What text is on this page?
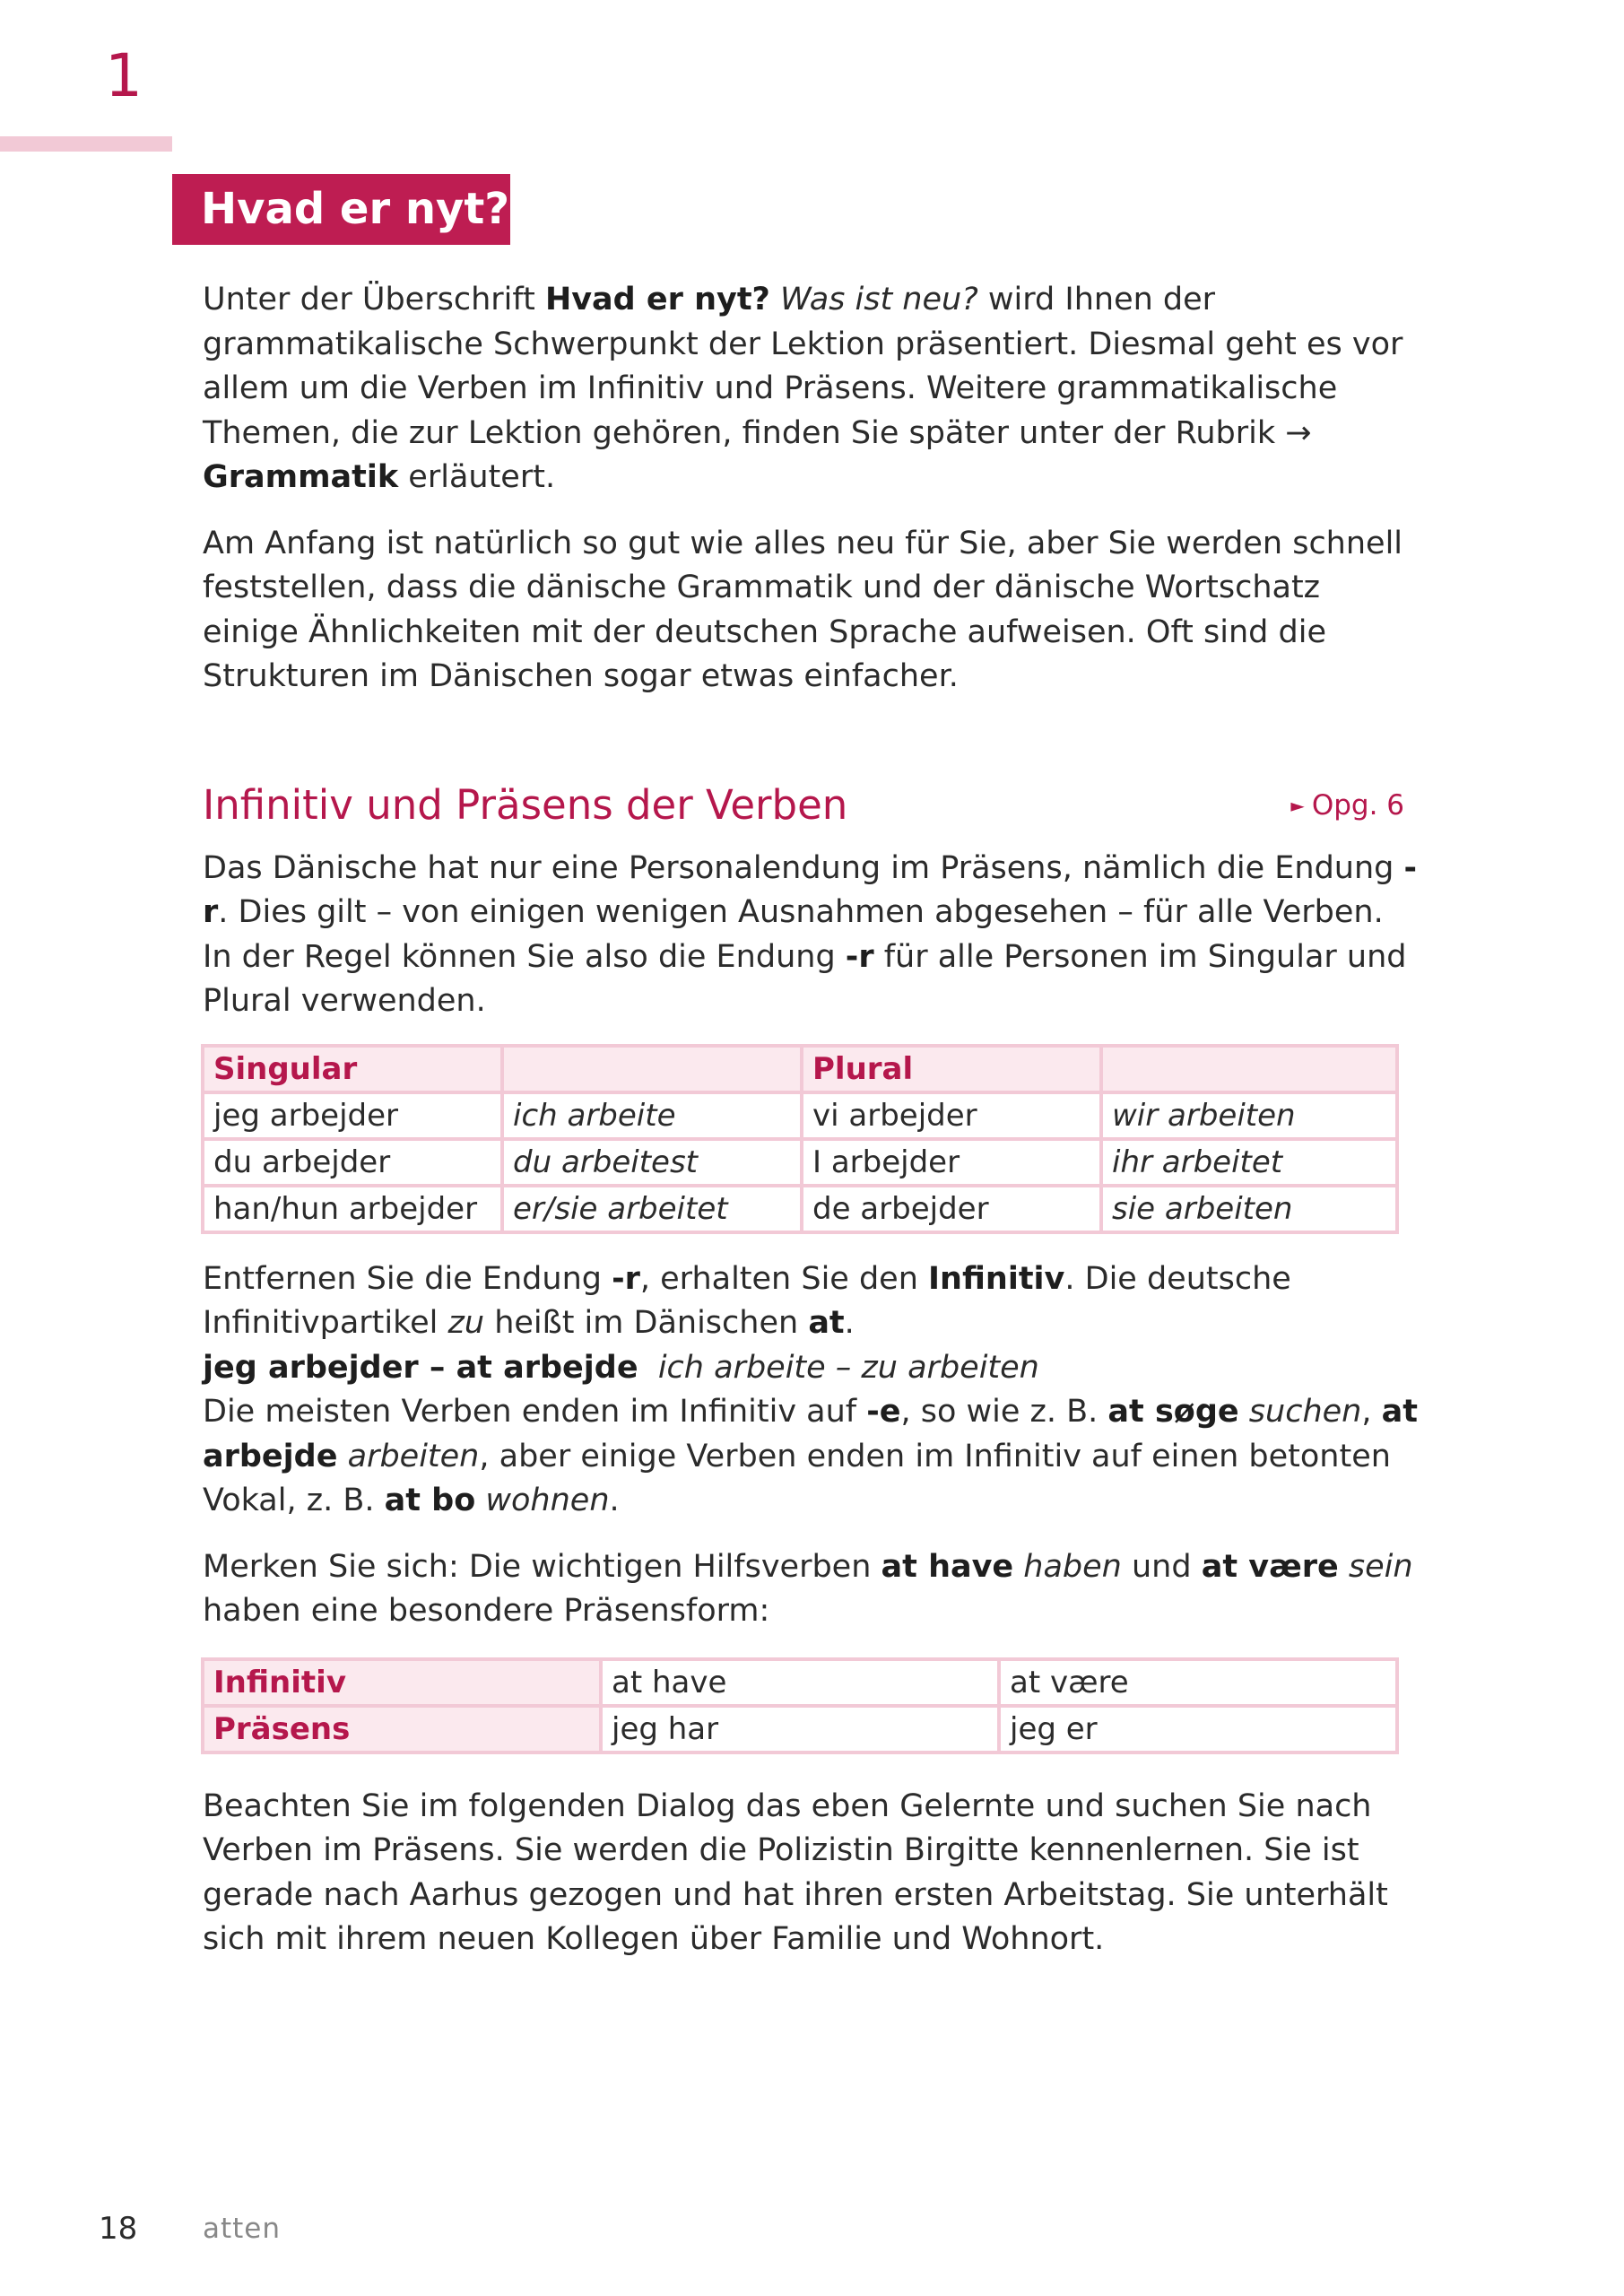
1
Hvad er nyt?

Unter der Überschrift Hvad er nyt? Was ist neu? wird Ihnen der grammatikalische Schwerpunkt der Lektion präsentiert. Diesmal geht es vor allem um die Verben im Infinitiv und Präsens. Weitere grammatikalische Themen, die zur Lektion gehören, finden Sie später unter der Rubrik → Grammatik erläutert.

Am Anfang ist natürlich so gut wie alles neu für Sie, aber Sie werden schnell feststellen, dass die dänische Grammatik und der dänische Wortschatz einige Ähnlichkeiten mit der deutschen Sprache aufweisen. Oft sind die Strukturen im Dänischen sogar etwas einfacher.

Infinitiv und Präsens der Verben	► Opg. 6

Das Dänische hat nur eine Personalendung im Präsens, nämlich die Endung -r. Dies gilt – von einigen wenigen Ausnahmen abgesehen – für alle Verben. In der Regel können Sie also die Endung -r für alle Personen im Singular und Plural verwenden.

Singular		Plural	
jeg arbejder	ich arbeite	vi arbejder	wir arbeiten
du arbejder	du arbeitest	I arbejder	ihr arbeitet
han/hun arbejder	er/sie arbeitet	de arbejder	sie arbeiten

Entfernen Sie die Endung -r, erhalten Sie den Infinitiv. Die deutsche Infinitivpartikel zu heißt im Dänischen at.

jeg arbejder – at arbejde ich arbeite – zu arbeiten

Die meisten Verben enden im Infinitiv auf -e, so wie z. B. at søge suchen, at arbejde arbeiten, aber einige Verben enden im Infinitiv auf einen betonten Vokal, z. B. at bo wohnen.

Merken Sie sich: Die wichtigen Hilfsverben at have haben und at være sein haben eine besondere Präsensform:

Infinitiv	at have	at være
Präsens	jeg har	jeg er

Beachten Sie im folgenden Dialog das eben Gelernte und suchen Sie nach Verben im Präsens. Sie werden die Polizistin Birgitte kennenlernen. Sie ist gerade nach Aarhus gezogen und hat ihren ersten Arbeitstag. Sie unterhält sich mit ihrem neuen Kollegen über Familie und Wohnort.

18 atten
